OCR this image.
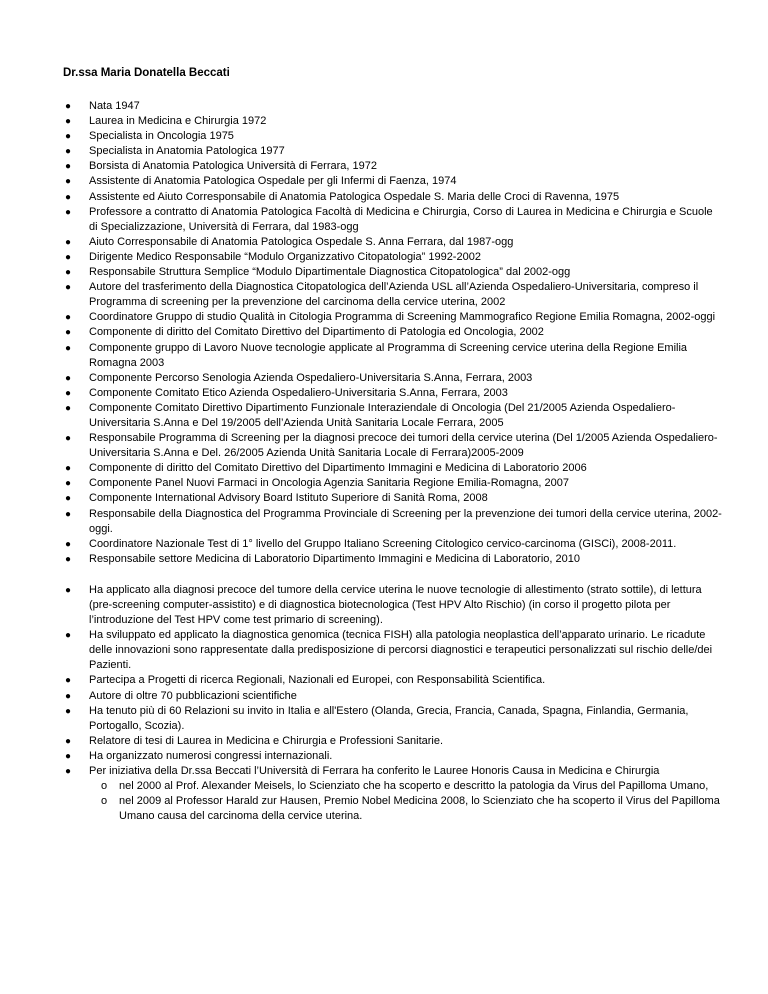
Dr.ssa Maria Donatella Beccati
● Nata 1947
● Laurea in Medicina e Chirurgia 1972
● Specialista in Oncologia 1975
● Specialista in Anatomia Patologica 1977
● Borsista di Anatomia Patologica Università di Ferrara, 1972
● Assistente di Anatomia Patologica Ospedale per gli Infermi di Faenza, 1974
● Assistente ed Aiuto Corresponsabile di Anatomia Patologica Ospedale S. Maria delle Croci di Ravenna, 1975
● Professore a contratto di Anatomia Patologica Facoltà di Medicina e Chirurgia, Corso di Laurea in Medicina e Chirurgia e Scuole di Specializzazione, Università di Ferrara, dal 1983-ogg
● Aiuto Corresponsabile di Anatomia Patologica Ospedale S. Anna Ferrara, dal 1987-ogg
● Dirigente Medico Responsabile “Modulo Organizzativo Citopatologia” 1992-2002
● Responsabile Struttura Semplice “Modulo Dipartimentale Diagnostica Citopatologica” dal 2002-ogg
● Autore del trasferimento della Diagnostica Citopatologica dell’Azienda USL all’Azienda Ospedaliero-Universitaria, compreso il Programma di screening per la prevenzione del carcinoma della cervice uterina, 2002
● Coordinatore Gruppo di studio Qualità in Citologia Programma di Screening Mammografico Regione Emilia Romagna, 2002-oggi
● Componente di diritto del Comitato Direttivo del Dipartimento di Patologia ed Oncologia, 2002
● Componente gruppo di Lavoro Nuove tecnologie applicate al Programma di Screening cervice uterina della Regione Emilia Romagna 2003
● Componente Percorso Senologia Azienda Ospedaliero-Universitaria S.Anna, Ferrara, 2003
● Componente Comitato Etico Azienda Ospedaliero-Universitaria S.Anna, Ferrara, 2003
● Componente Comitato Direttivo Dipartimento Funzionale Interaziendale di Oncologia (Del 21/2005 Azienda Ospedaliero-Universitaria S.Anna e Del 19/2005 dell’Azienda Unità Sanitaria Locale Ferrara, 2005
● Responsabile Programma di Screening per la diagnosi precoce dei tumori della cervice uterina (Del 1/2005 Azienda Ospedaliero-Universitaria S.Anna e Del. 26/2005 Azienda Unità Sanitaria Locale di Ferrara)2005-2009
● Componente di diritto del Comitato Direttivo del Dipartimento Immagini e Medicina di Laboratorio 2006
● Componente Panel Nuovi Farmaci in Oncologia Agenzia Sanitaria Regione Emilia-Romagna, 2007
● Componente International Advisory Board Istituto Superiore di Sanità Roma, 2008
● Responsabile della Diagnostica del Programma Provinciale di Screening per la prevenzione dei tumori della cervice uterina, 2002-oggi.
● Coordinatore Nazionale Test di 1° livello del Gruppo Italiano Screening Citologico cervico-carcinoma (GISCi), 2008-2011.
● Responsabile settore Medicina di Laboratorio Dipartimento Immagini e Medicina di Laboratorio, 2010
● Ha applicato alla diagnosi precoce del tumore della cervice uterina le nuove tecnologie di allestimento (strato sottile), di lettura (pre-screening computer-assistito) e di diagnostica biotecnologica (Test HPV Alto Rischio) (in corso il progetto pilota per l’introduzione del Test HPV come test primario di screening).
● Ha sviluppato ed applicato la diagnostica genomica (tecnica FISH) alla patologia neoplastica dell’apparato urinario. Le ricadute delle innovazioni sono rappresentate dalla predisposizione di percorsi diagnostici e terapeutici personalizzati sul rischio delle/dei Pazienti.
● Partecipa a Progetti di ricerca Regionali, Nazionali ed Europei, con Responsabilità Scientifica.
● Autore di oltre 70 pubblicazioni scientifiche
● Ha tenuto più di 60 Relazioni su invito in Italia e all'Estero (Olanda, Grecia, Francia, Canada, Spagna, Finlandia, Germania, Portogallo, Scozia).
● Relatore di tesi di Laurea in Medicina e Chirurgia e Professioni Sanitarie.
● Ha organizzato numerosi congressi internazionali.
● Per iniziativa della Dr.ssa Beccati l’Università di Ferrara ha conferito le Lauree Honoris Causa in Medicina e Chirurgia
o nel 2000 al Prof. Alexander Meisels, lo Scienziato che ha scoperto e descritto la patologia da Virus del Papilloma Umano,
o nel 2009 al Professor Harald zur Hausen, Premio Nobel Medicina 2008, lo Scienziato che ha scoperto il Virus del Papilloma Umano causa del carcinoma della cervice uterina.
